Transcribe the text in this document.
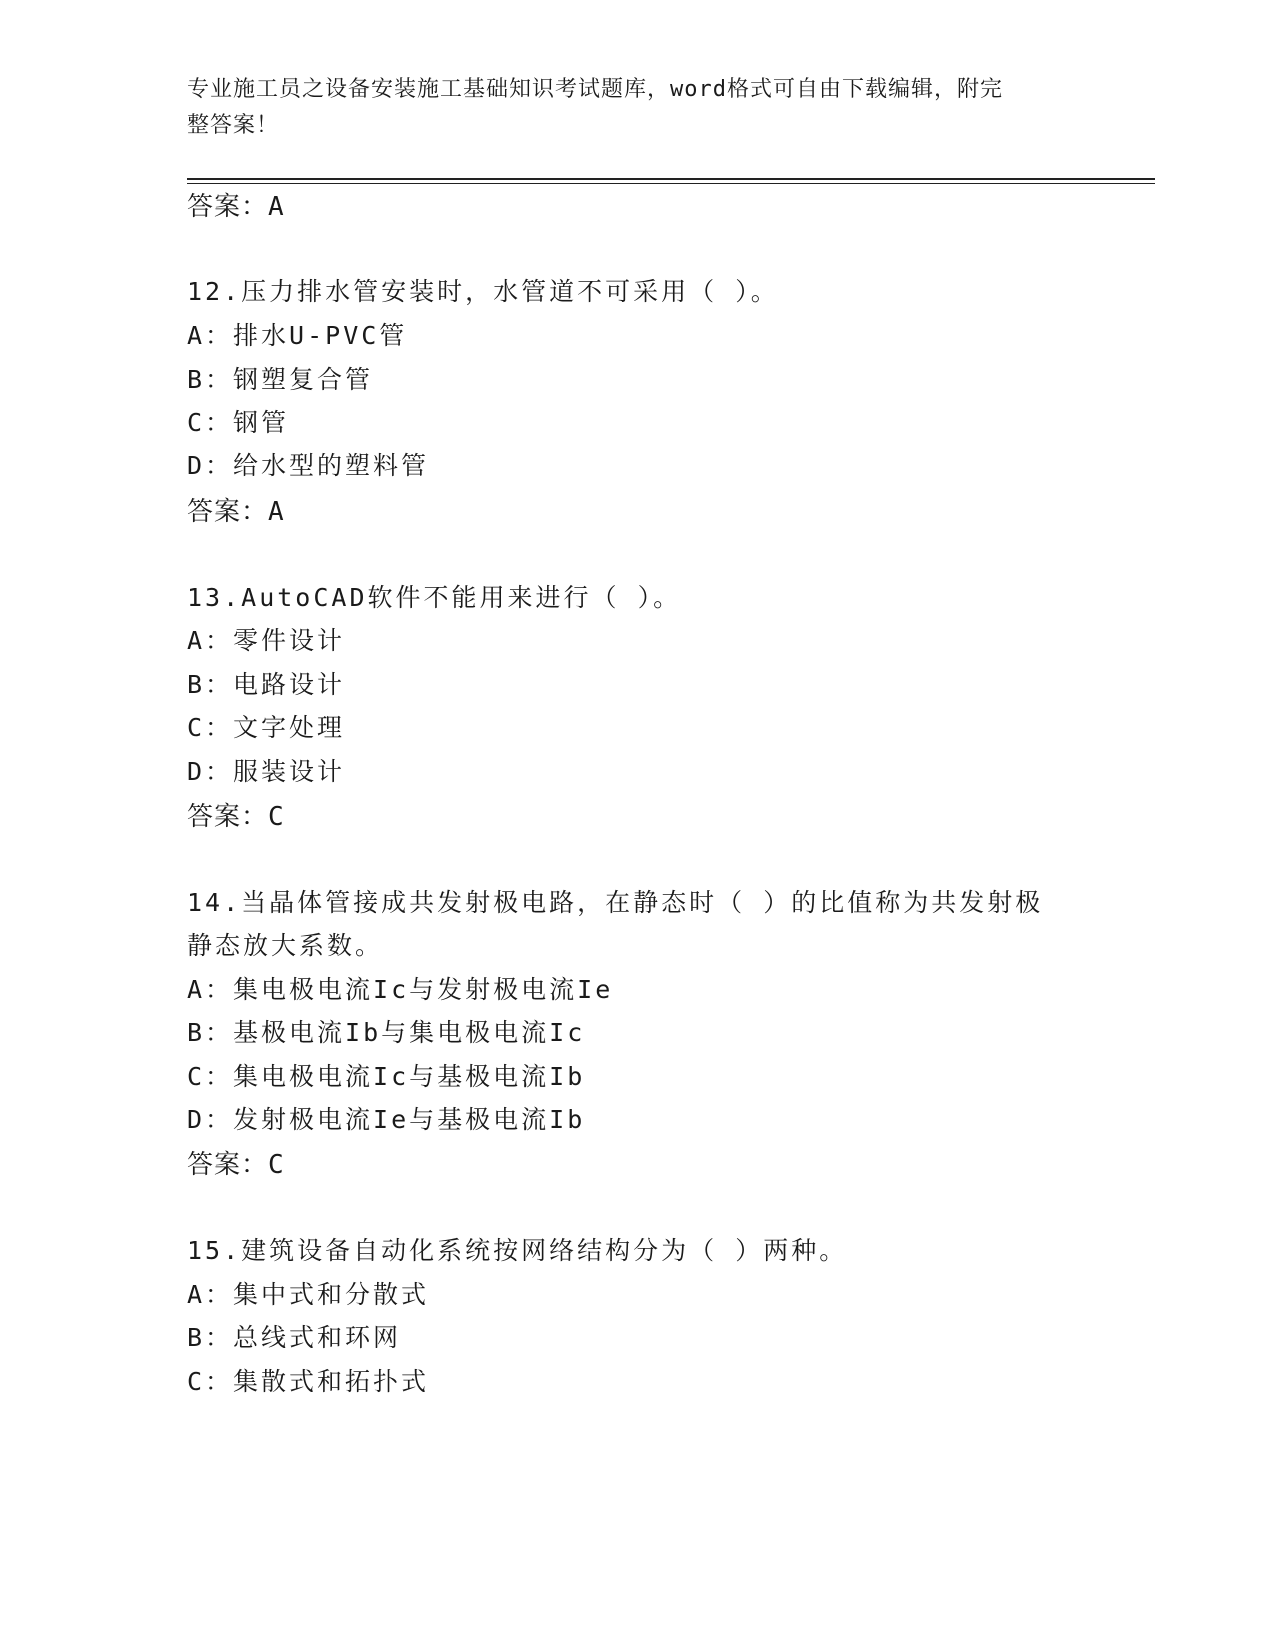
专业施工员之设备安装施工基础知识考试题库，word格式可自由下载编辑，附完
整答案！
答案：A
12.压力排水管安装时，水管道不可采用（ ）。
A：排水U-PVC管
B：钢塑复合管
C：钢管
D：给水型的塑料管
答案：A
13.AutoCAD软件不能用来进行（ ）。
A：零件设计
B：电路设计
C：文字处理
D：服装设计
答案：C
14.当晶体管接成共发射极电路，在静态时（ ）的比值称为共发射极
静态放大系数。
A：集电极电流Ic与发射极电流Ie
B：基极电流Ib与集电极电流Ic
C：集电极电流Ic与基极电流Ib
D：发射极电流Ie与基极电流Ib
答案：C
15.建筑设备自动化系统按网络结构分为（ ）两种。
A：集中式和分散式
B：总线式和环网
C：集散式和拓扑式
